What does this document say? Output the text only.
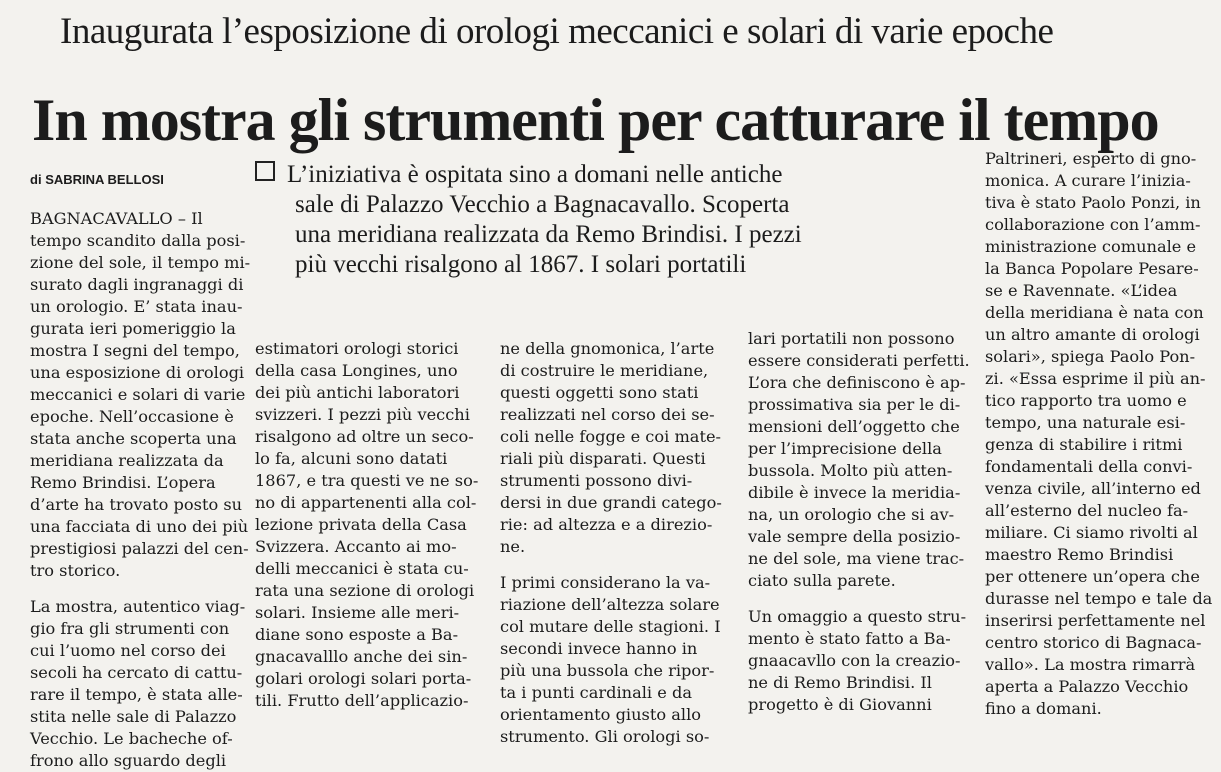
Inaugurata l’esposizione di orologi meccanici e solari di varie epoche
In mostra gli strumenti per catturare il tempo
di SABRINA BELLOSI	L’iniziativa è ospitata sino a domani nelle antiche
sale di Palazzo Vecchio a Bagnacavallo. Scoperta
una meridiana realizzata da Remo Brindisi. I pezzi
più vecchi risalgono al 1867. I solari portatili
BAGNACAVALLO – Il
tempo scandito dalla posi-
zione del sole, il tempo mi-
surato dagli ingranaggi di
un orologio. E’ stata inau-
gurata ieri pomeriggio la
mostra I segni del tempo,
una esposizione di orologi
meccanici e solari di varie
epoche. Nell’occasione è
stata anche scoperta una
meridiana realizzata da
Remo Brindisi. L’opera
d’arte ha trovato posto su
una facciata di uno dei più
prestigiosi palazzi del cen-
tro storico.
La mostra, autentico viag-
gio fra gli strumenti con
cui l’uomo nel corso dei
secoli ha cercato di cattu-
rare il tempo, è stata alle-
stita nelle sale di Palazzo
Vecchio. Le bacheche of-
frono allo sguardo degli
estimatori orologi storici
della casa Longines, uno
dei più antichi laboratori
svizzeri. I pezzi più vecchi
risalgono ad oltre un seco-
lo fa, alcuni sono datati
1867, e tra questi ve ne so-
no di appartenenti alla col-
lezione privata della Casa
Svizzera. Accanto ai mo-
delli meccanici è stata cu-
rata una sezione di orologi
solari. Insieme alle meri-
diane sono esposte a Ba-
gnacavalllo anche dei sin-
golari orologi solari porta-
tili. Frutto dell’applicazio-
ne della gnomonica, l’arte
di costruire le meridiane,
questi oggetti sono stati
realizzati nel corso dei se-
coli nelle fogge e coi mate-
riali più disparati. Questi
strumenti possono divi-
dersi in due grandi catego-
rie: ad altezza e a direzio-
ne.
I primi considerano la va-
riazione dell’altezza solare
col mutare delle stagioni. I
secondi invece hanno in
più una bussola che ripor-
ta i punti cardinali e da
orientamento giusto allo
strumento. Gli orologi so-
lari portatili non possono
essere considerati perfetti.
L’ora che definiscono è ap-
prossimativa sia per le di-
mensioni dell’oggetto che
per l’imprecisione della
bussola. Molto più atten-
dibile è invece la meridia-
na, un orologio che si av-
vale sempre della posizio-
ne del sole, ma viene trac-
ciato sulla parete.
Un omaggio a questo stru-
mento è stato fatto a Ba-
gnaacavllo con la creazio-
ne di Remo Brindisi. Il
progetto è di Giovanni
Paltrineri, esperto di gno-
monica. A curare l’inizia-
tiva è stato Paolo Ponzi, in
collaborazione con l’amm-
ministrazione comunale e
la Banca Popolare Pesare-
se e Ravennate. «L’idea
della meridiana è nata con
un altro amante di orologi
solari», spiega Paolo Pon-
zi. «Essa esprime il più an-
tico rapporto tra uomo e
tempo, una naturale esi-
genza di stabilire i ritmi
fondamentali della convi-
venza civile, all’interno ed
all’esterno del nucleo fa-
miliare. Ci siamo rivolti al
maestro Remo Brindisi
per ottenere un’opera che
durasse nel tempo e tale da
inserirsi perfettamente nel
centro storico di Bagnaca-
vallo». La mostra rimarrà
aperta a Palazzo Vecchio
fino a domani.
